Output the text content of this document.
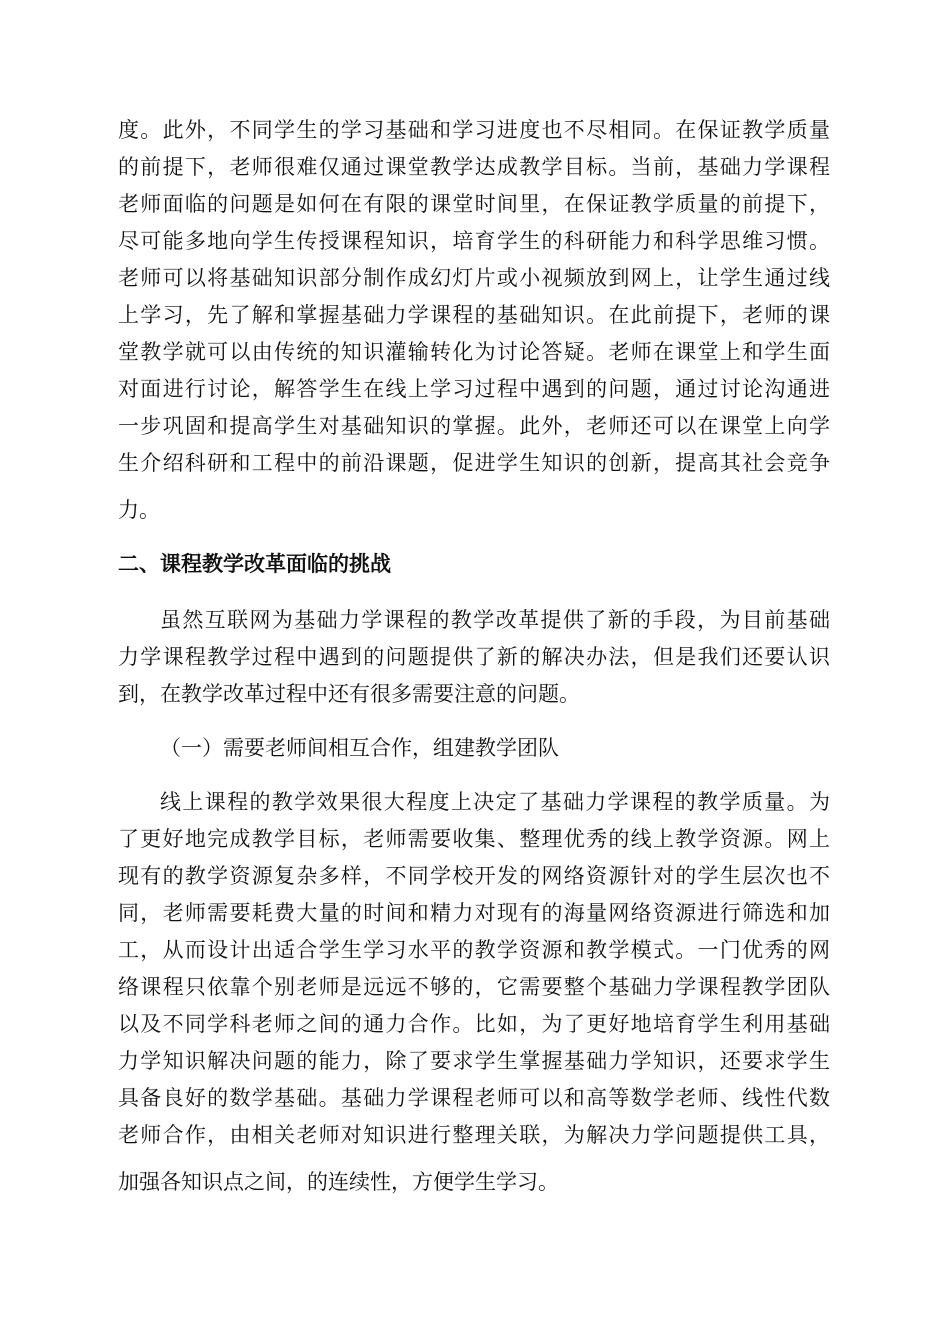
度。此外，不同学生的学习基础和学习进度也不尽相同。在保证教学质量
的前提下，老师很难仅通过课堂教学达成教学目标。当前，基础力学课程
老师面临的问题是如何在有限的课堂时间里，在保证教学质量的前提下，
尽可能多地向学生传授课程知识，培育学生的科研能力和科学思维习惯。
老师可以将基础知识部分制作成幻灯片或小视频放到网上，让学生通过线
上学习，先了解和掌握基础力学课程的基础知识。在此前提下，老师的课
堂教学就可以由传统的知识灌输转化为讨论答疑。老师在课堂上和学生面
对面进行讨论，解答学生在线上学习过程中遇到的问题，通过讨论沟通进
一步巩固和提高学生对基础知识的掌握。此外，老师还可以在课堂上向学
生介绍科研和工程中的前沿课题，促进学生知识的创新，提高其社会竞争
力。
二、课程教学改革面临的挑战
虽然互联网为基础力学课程的教学改革提供了新的手段，为目前基础
力学课程教学过程中遇到的问题提供了新的解决办法，但是我们还要认识
到，在教学改革过程中还有很多需要注意的问题。
（一）需要老师间相互合作，组建教学团队
线上课程的教学效果很大程度上决定了基础力学课程的教学质量。为
了更好地完成教学目标，老师需要收集、整理优秀的线上教学资源。网上
现有的教学资源复杂多样，不同学校开发的网络资源针对的学生层次也不
同，老师需要耗费大量的时间和精力对现有的海量网络资源进行筛选和加
工，从而设计出适合学生学习水平的教学资源和教学模式。一门优秀的网
络课程只依靠个别老师是远远不够的，它需要整个基础力学课程教学团队
以及不同学科老师之间的通力合作。比如，为了更好地培育学生利用基础
力学知识解决问题的能力，除了要求学生掌握基础力学知识，还要求学生
具备良好的数学基础。基础力学课程老师可以和高等数学老师、线性代数
老师合作，由相关老师对知识进行整理关联，为解决力学问题提供工具，
加强各知识点之间，的连续性，方便学生学习。
